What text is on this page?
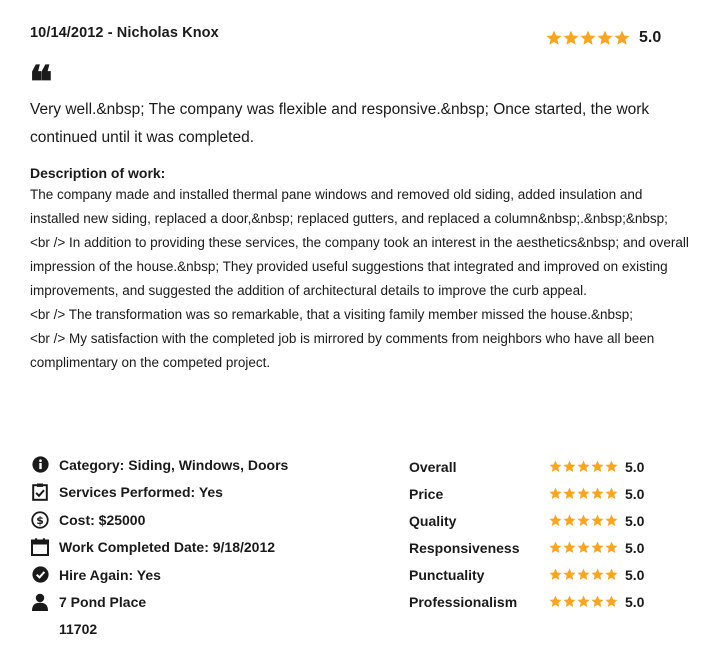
10/14/2012 - Nicholas Knox	5.0
❝
Very well.&nbsp; The company was flexible and responsive.&nbsp; Once started, the work continued until it was completed.
Description of work:

The company made and installed thermal pane windows and removed old siding, added insulation and installed new siding, replaced a door,&nbsp; replaced gutters, and replaced a column&nbsp;.&nbsp;&nbsp;

<br /> In addition to providing these services, the company took an interest in the aesthetics&nbsp; and overall impression of the house.&nbsp; They provided useful suggestions that integrated and improved on existing improvements, and suggested the addition of architectural details to improve the curb appeal.

<br /> The transformation was so remarkable, that a visiting family member missed the house.&nbsp;

<br /> My satisfaction with the completed job is mirrored by comments from neighbors who have all been complimentary on the competed project.

Category: Siding, Windows, Doors
Services Performed: Yes
$ Cost: $25000
Work Completed Date: 9/18/2012
Hire Again: Yes
7 Pond Place
11702
Overall	5.0
Price	5.0
Quality	5.0
Responsiveness	5.0
Punctuality	5.0
Professionalism	5.0
